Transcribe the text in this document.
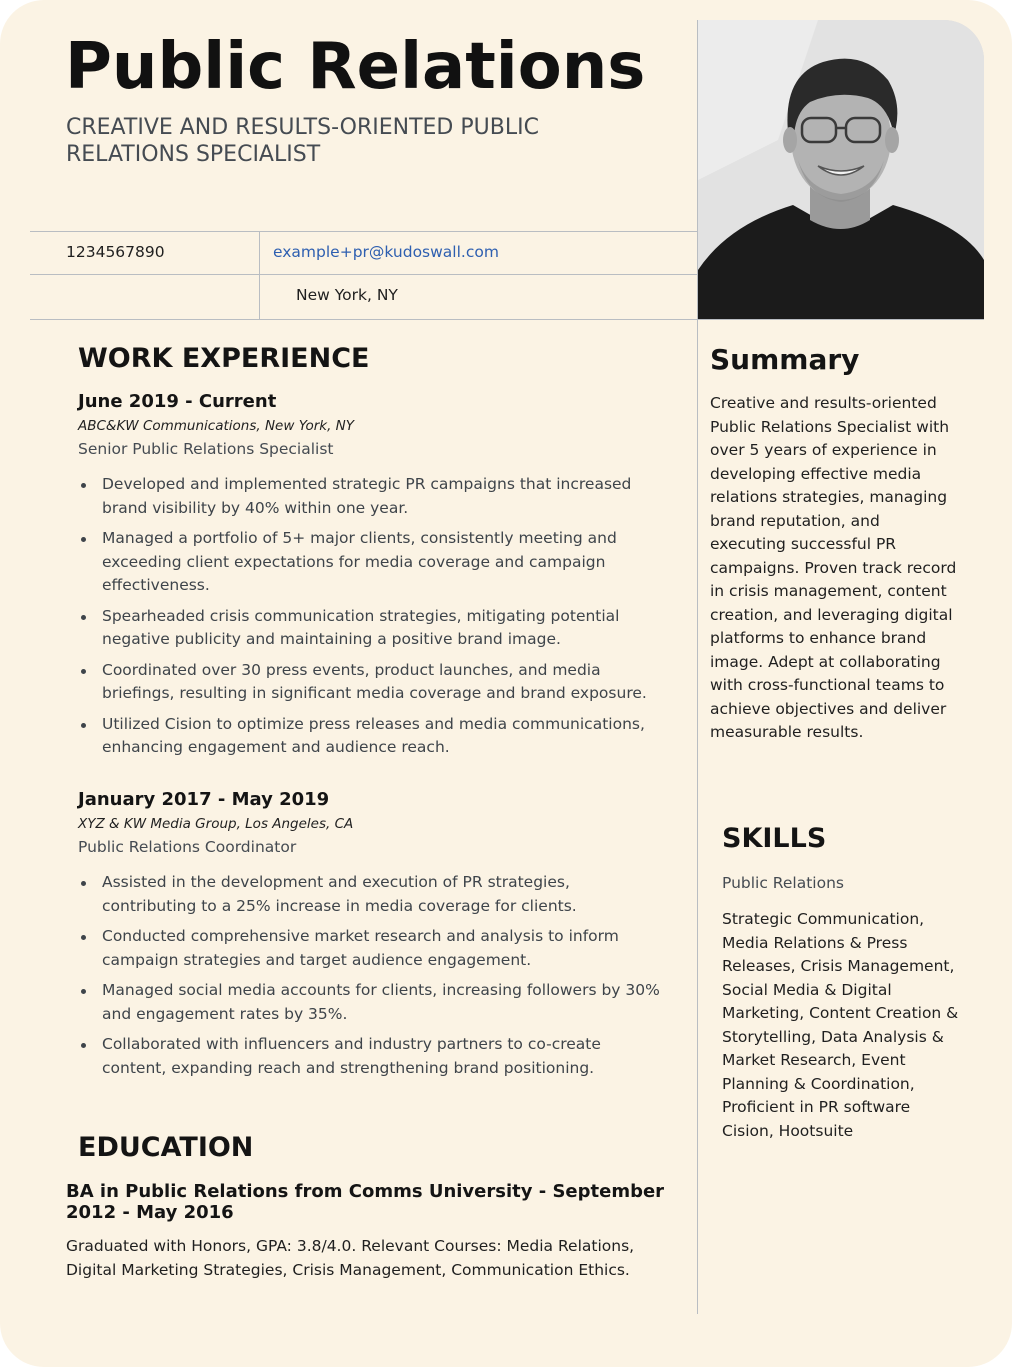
Public Relations
CREATIVE AND RESULTS-ORIENTED PUBLIC RELATIONS SPECIALIST
1234567890	example+pr@kudoswall.com
New York, NY
WORK EXPERIENCE
June 2019 - Current
ABC&KW Communications, New York, NY
Senior Public Relations Specialist
Developed and implemented strategic PR campaigns that increased brand visibility by 40% within one year.
Managed a portfolio of 5+ major clients, consistently meeting and exceeding client expectations for media coverage and campaign effectiveness.
Spearheaded crisis communication strategies, mitigating potential negative publicity and maintaining a positive brand image.
Coordinated over 30 press events, product launches, and media briefings, resulting in significant media coverage and brand exposure.
Utilized Cision to optimize press releases and media communications, enhancing engagement and audience reach.
January 2017 - May 2019
XYZ & KW Media Group, Los Angeles, CA
Public Relations Coordinator
Assisted in the development and execution of PR strategies, contributing to a 25% increase in media coverage for clients.
Conducted comprehensive market research and analysis to inform campaign strategies and target audience engagement.
Managed social media accounts for clients, increasing followers by 30% and engagement rates by 35%.
Collaborated with influencers and industry partners to co-create content, expanding reach and strengthening brand positioning.
EDUCATION
BA in Public Relations from Comms University - September 2012 - May 2016
Graduated with Honors, GPA: 3.8/4.0. Relevant Courses: Media Relations, Digital Marketing Strategies, Crisis Management, Communication Ethics.
Summary
Creative and results-oriented Public Relations Specialist with over 5 years of experience in developing effective media relations strategies, managing brand reputation, and executing successful PR campaigns. Proven track record in crisis management, content creation, and leveraging digital platforms to enhance brand image. Adept at collaborating with cross-functional teams to achieve objectives and deliver measurable results.
SKILLS
Public Relations
Strategic Communication, Media Relations & Press Releases, Crisis Management, Social Media & Digital Marketing, Content Creation & Storytelling, Data Analysis & Market Research, Event Planning & Coordination, Proficient in PR software Cision, Hootsuite
